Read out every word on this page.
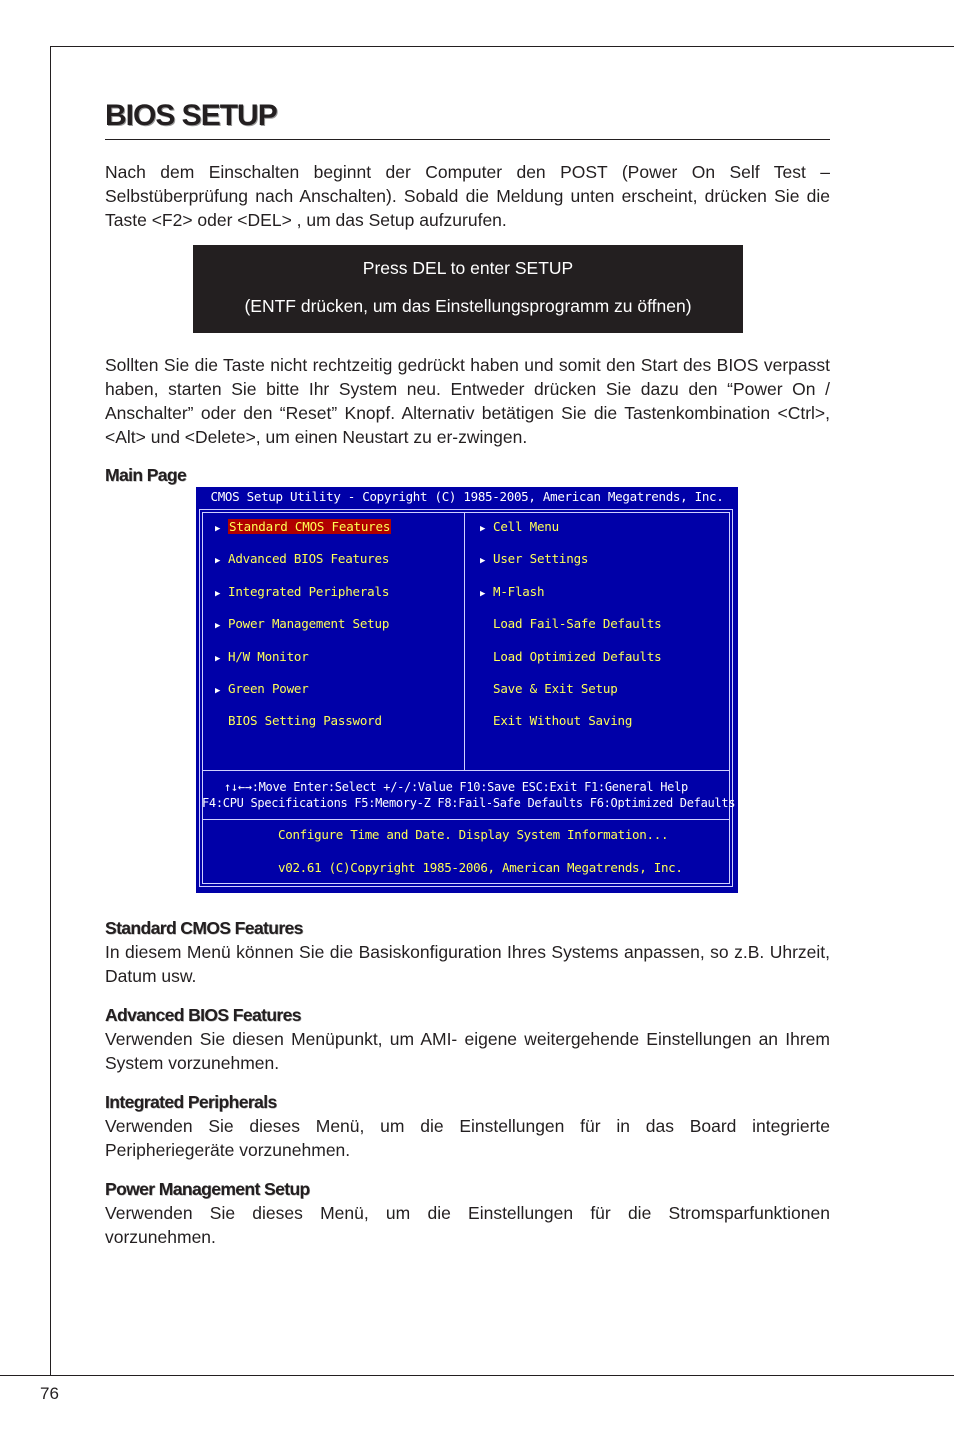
BIOS SETUP

Nach dem Einschalten beginnt der Computer den POST (Power On Self Test – Selbstüberprüfung nach Anschalten). Sobald die Meldung unten erscheint, drücken Sie die Taste <F2> oder <DEL> , um das Setup aufzurufen.

Press DEL to enter SETUP
(ENTF drücken, um das Einstellungsprogramm zu öffnen)

Sollten Sie die Taste nicht rechtzeitig gedrückt haben und somit den Start des BIOS verpasst haben, starten Sie bitte Ihr System neu. Entweder drücken Sie dazu den “Power On / Anschalter” oder den “Reset” Knopf. Alternativ betätigen Sie die Tastenkombination <Ctrl>, <Alt> und <Delete>, um einen Neustart zu er-zwingen.

Main Page
CMOS Setup Utility - Copyright (C) 1985-2005, American Megatrends, Inc.
▶ Standard CMOS Features
▶ Advanced BIOS Features
▶ Integrated Peripherals
▶ Power Management Setup
▶ H/W Monitor
▶ Green Power
BIOS Setting Password
▶ Cell Menu
▶ User Settings
▶ M-Flash
Load Fail-Safe Defaults
Load Optimized Defaults
Save & Exit Setup
Exit Without Saving
↑↓←→:Move Enter:Select +/-/:Value F10:Save ESC:Exit F1:General Help
F4:CPU Specifications F5:Memory-Z F8:Fail-Safe Defaults F6:Optimized Defaults
Configure Time and Date. Display System Information...
v02.61 (C)Copyright 1985-2006, American Megatrends, Inc.
Standard CMOS Features

In diesem Menü können Sie die Basiskonfiguration Ihres Systems anpassen, so z.B. Uhrzeit, Datum usw.

Advanced BIOS Features

Verwenden Sie diesen Menüpunkt, um AMI- eigene weitergehende Einstellungen an Ihrem System vorzunehmen.

Integrated Peripherals

Verwenden Sie dieses Menü, um die Einstellungen für in das Board integrierte Peripheriegeräte vorzunehmen.

Power Management Setup

Verwenden Sie dieses Menü, um die Einstellungen für die Stromsparfunktionen vorzunehmen.

76
